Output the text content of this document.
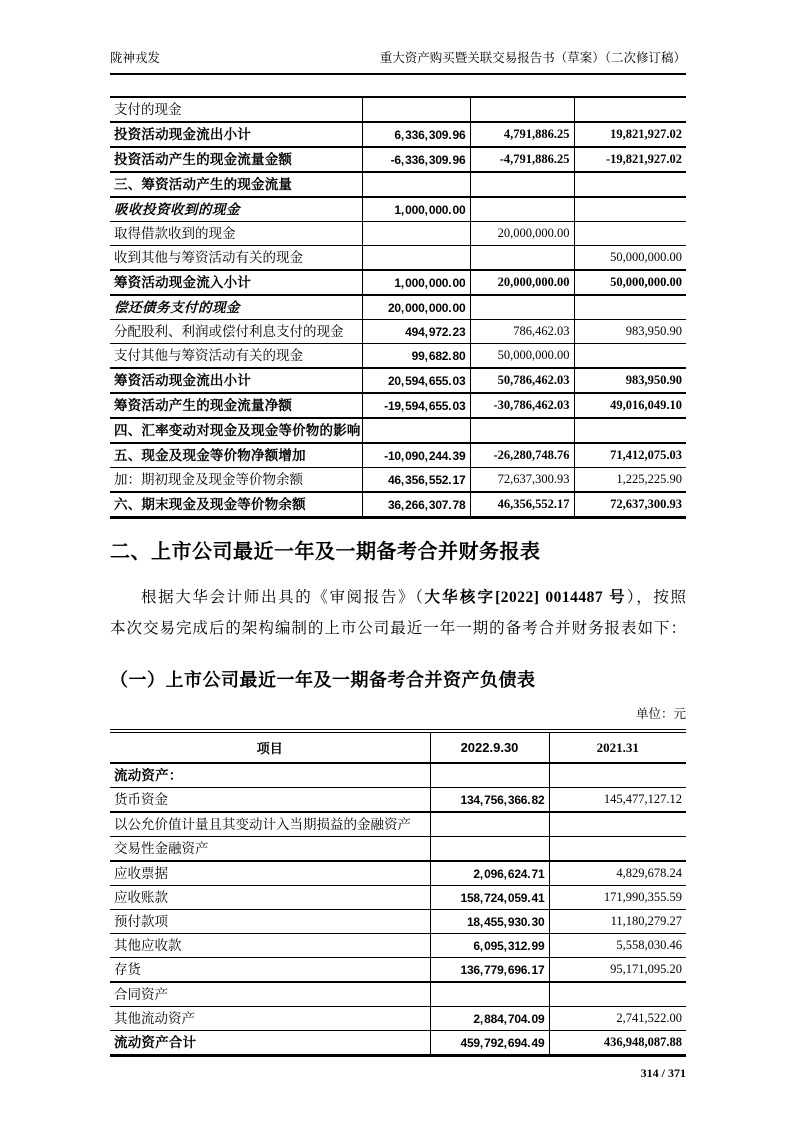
陇神戎发	重大资产购买暨关联交易报告书（草案）（二次修订稿）
支付的现金			
投资活动现金流出小计	6, 336, 309. 96	4,791,886.25	19,821,927.02
投资活动产生的现金流量金额	-6, 336, 309. 96	-4,791,886.25	-19,821,927.02
三、筹资活动产生的现金流量			
吸收投资收到的现金	1, 000, 000. 00		
取得借款收到的现金		20,000,000.00	
收到其他与筹资活动有关的现金			50,000,000.00
筹资活动现金流入小计	1, 000, 000. 00	20,000,000.00	50,000,000.00
偿还债务支付的现金	20, 000, 000. 00		
分配股利、利润或偿付利息支付的现金	494, 972. 23	786,462.03	983,950.90
支付其他与筹资活动有关的现金	99, 682. 80	50,000,000.00	
筹资活动现金流出小计	20, 594, 655. 03	50,786,462.03	983,950.90
筹资活动产生的现金流量净额	-19, 594, 655. 03	-30,786,462.03	49,016,049.10
四、汇率变动对现金及现金等价物的影响			
五、现金及现金等价物净额增加	-10, 090, 244. 39	-26,280,748.76	71,412,075.03
加：期初现金及现金等价物余额	46, 356, 552. 17	72,637,300.93	1,225,225.90
六、期末现金及现金等价物余额	36, 266, 307. 78	46,356,552.17	72,637,300.93
二、上市公司最近一年及一期备考合并财务报表
根据大华会计师出具的《审阅报告》（大华核字[2022] 0014487 号），按照
本次交易完成后的架构编制的上市公司最近一年一期的备考合并财务报表如下：
（一）上市公司最近一年及一期备考合并资产负债表
单位：元
项目	2022.9.30	2021.31
流动资产：		
货币资金	134, 756, 366. 82	145,477,127.12
以公允价值计量且其变动计入当期损益的金融资产		
交易性金融资产		
应收票据	2, 096, 624. 71	4,829,678.24
应收账款	158, 724, 059. 41	171,990,355.59
预付款项	18, 455, 930. 30	11,180,279.27
其他应收款	6, 095, 312. 99	5,558,030.46
存货	136, 779, 696. 17	95,171,095.20
合同资产		
其他流动资产	2, 884, 704. 09	2,741,522.00
流动资产合计	459, 792, 694. 49	436,948,087.88
314 / 371
